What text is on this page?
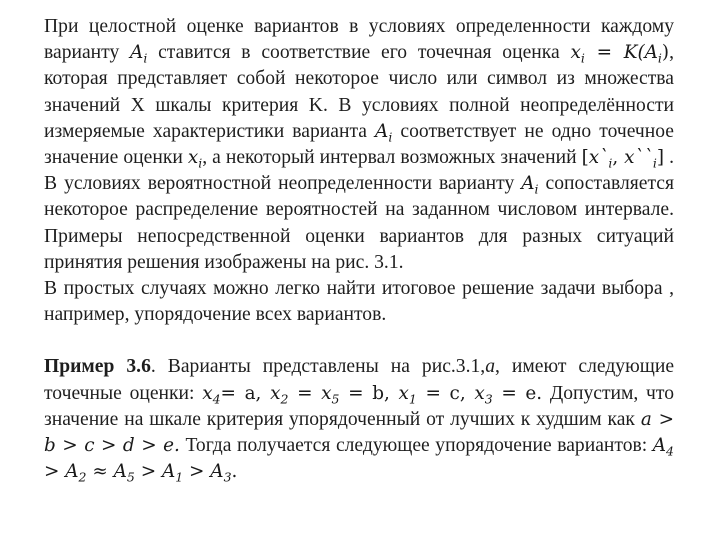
При целостной оценке вариантов в условиях определенности каждому варианту $A_i$ ставится в соответствие его точечная оценка $x_i = K(A_i)$, которая представляет собой некоторое число или символ из множества значений X шкалы критерия K. В условиях полной неопределённости измеряемые характеристики варианта $A_i$ соответствует не одно точечное значение оценки $x_i$, а некоторый интервал возможных значений [$x`_i$, $x``_i$] . В условиях вероятностной неопределенности варианту $A_i$ сопоставляется некоторое распределение вероятностей на заданном числовом интервале. Примеры непосредственной оценки вариантов для разных ситуаций принятия решения изображены на рис. 3.1.

В простых случаях можно легко найти итоговое решение задачи выбора , например, упорядочение всех вариантов.

Пример 3.6. Варианты представлены на рис.3.1,а, имеют следующие точечные оценки: $x_4= a$, $x_2 = x_5 = b$, $x_1 = c$, $x_3 = e$. Допустим, что значение на шкале критерия упорядоченный от лучших к худшим как a > b > c > d > e. Тогда получается следующее упорядочение вариантов: $A_4 > A_2 \approx A_5 > A_1 > A_3$.
